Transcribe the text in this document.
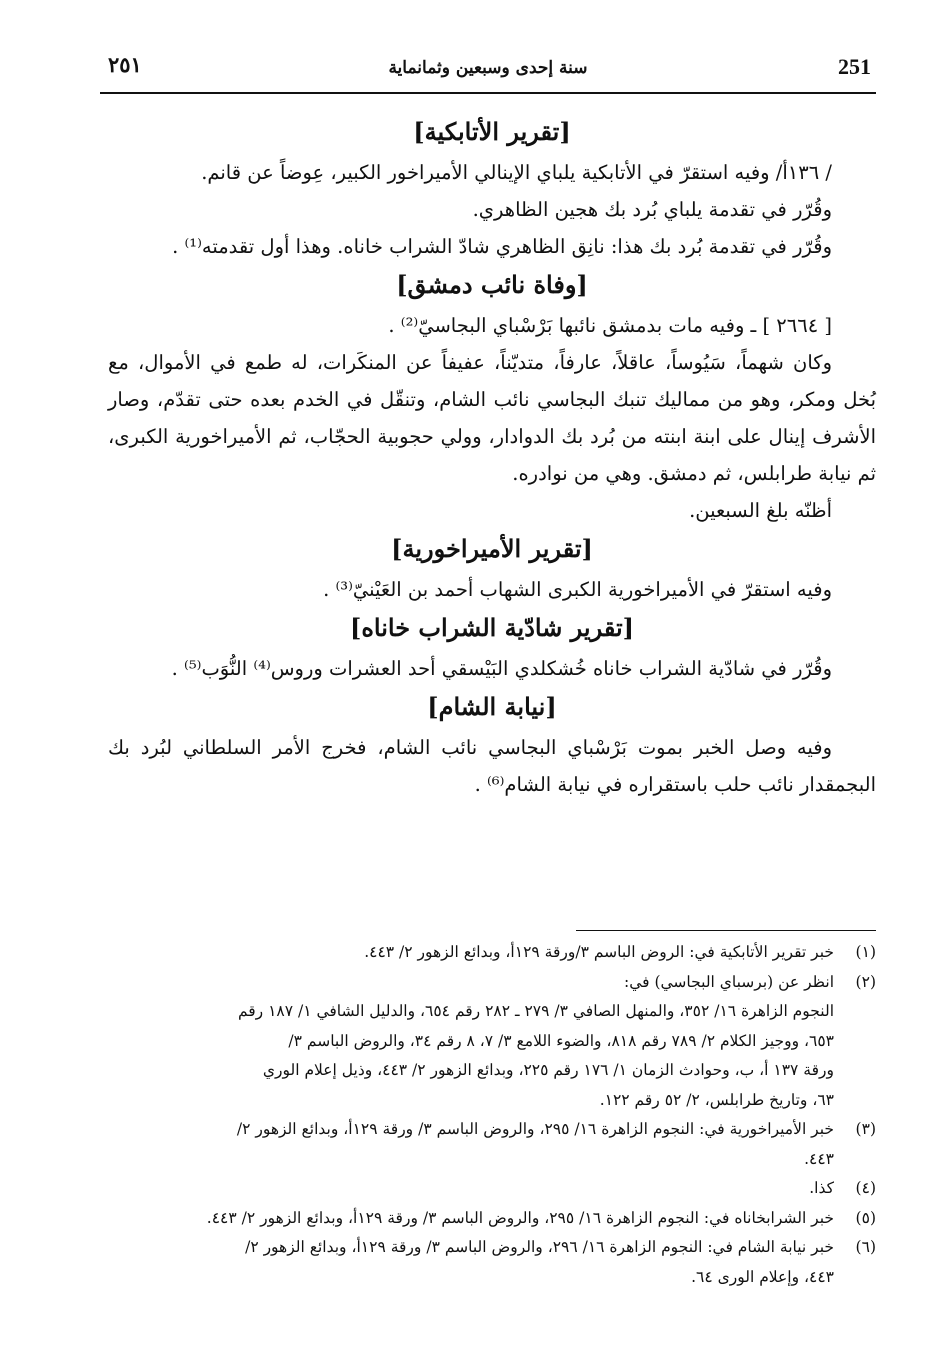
251
سنة إحدى وسبعين وثمانماية
٢٥١
[تقرير الأتابكية]

/ ١٣٦أ/ وفيه استقرّ في الأتابكية يلباي الإينالي الأميراخور الكبير، عِوضاً عن قانم.

وقُرّر في تقدمة يلباي بُرد بك هجين الظاهري.

وقُرّر في تقدمة بُرد بك هذا: نانِق الظاهري شادّ الشراب خاناه. وهذا أول تقدمته⁽¹⁾ .

[وفاة نائب دمشق]

[ ٢٦٦٤ ] ـ وفيه مات بدمشق نائبها بَرْسْباي البجاسيّ⁽²⁾ .

وكان شهماً، سَيُوساً، عاقلاً، عارفاً، متديّناً، عفيفاً عن المنكَرات، له طمع في الأموال، مع بُخل ومكر، وهو من مماليك تنبك البجاسي نائب الشام، وتنقّل في الخدم بعده حتى تقدّم، وصار الأشرف إينال على ابنة ابنته من بُرد بك الدوادار، وولي حجوبية الحجّاب، ثم الأميراخورية الكبرى، ثم نيابة طرابلس، ثم دمشق. وهي من نوادره.

أظنّه بلغ السبعين.

[تقرير الأميراخورية]

وفيه استقرّ في الأميراخورية الكبرى الشهاب أحمد بن العَيْنيّ⁽³⁾ .

[تقرير شادّية الشراب خاناه]

وقُرّر في شادّية الشراب خاناه خُشكلدي البَيْسقي أحد العشرات وروس⁽⁴⁾ النُّوَب⁽⁵⁾ .

[نيابة الشام]

وفيه وصل الخبر بموت بَرْسْباي البجاسي نائب الشام، فخرج الأمر السلطاني لبُرد بك البجمقدار نائب حلب باستقراره في نيابة الشام⁽⁶⁾ .

(١)
خبر تقرير الأتابكية في: الروض الباسم ٣/ورقة ١٢٩أ، وبدائع الزهور ٢/ ٤٤٣.
(٢)
انظر عن (برسباي البجاسي) في:
النجوم الزاهرة ١٦/ ٣٥٢، والمنهل الصافي ٣/ ٢٧٩ ـ ٢٨٢ رقم ٦٥٤، والدليل الشافي ١/ ١٨٧ رقم
٦٥٣، ووجيز الكلام ٢/ ٧٨٩ رقم ٨١٨، والضوء اللامع ٣/ ٧، ٨ رقم ٣٤، والروض الباسم ٣/
ورقة ١٣٧ أ، ب، وحوادث الزمان ١/ ١٧٦ رقم ٢٢٥، وبدائع الزهور ٢/ ٤٤٣، وذيل إعلام الوري
٦٣، وتاريخ طرابلس، ٢/ ٥٢ رقم ١٢٢.
(٣)
خبر الأميراخورية في: النجوم الزاهرة ١٦/ ٢٩٥، والروض الباسم ٣/ ورقة ١٢٩أ، وبدائع الزهور ٢/
٤٤٣.
(٤)
كذا.
(٥)
خبر الشرابخاناه في: النجوم الزاهرة ١٦/ ٢٩٥، والروض الباسم ٣/ ورقة ١٢٩أ، وبدائع الزهور ٢/ ٤٤٣.
(٦)
خبر نيابة الشام في: النجوم الزاهرة ١٦/ ٢٩٦، والروض الباسم ٣/ ورقة ١٢٩أ، وبدائع الزهور ٢/
٤٤٣، وإعلام الورى ٦٤.
